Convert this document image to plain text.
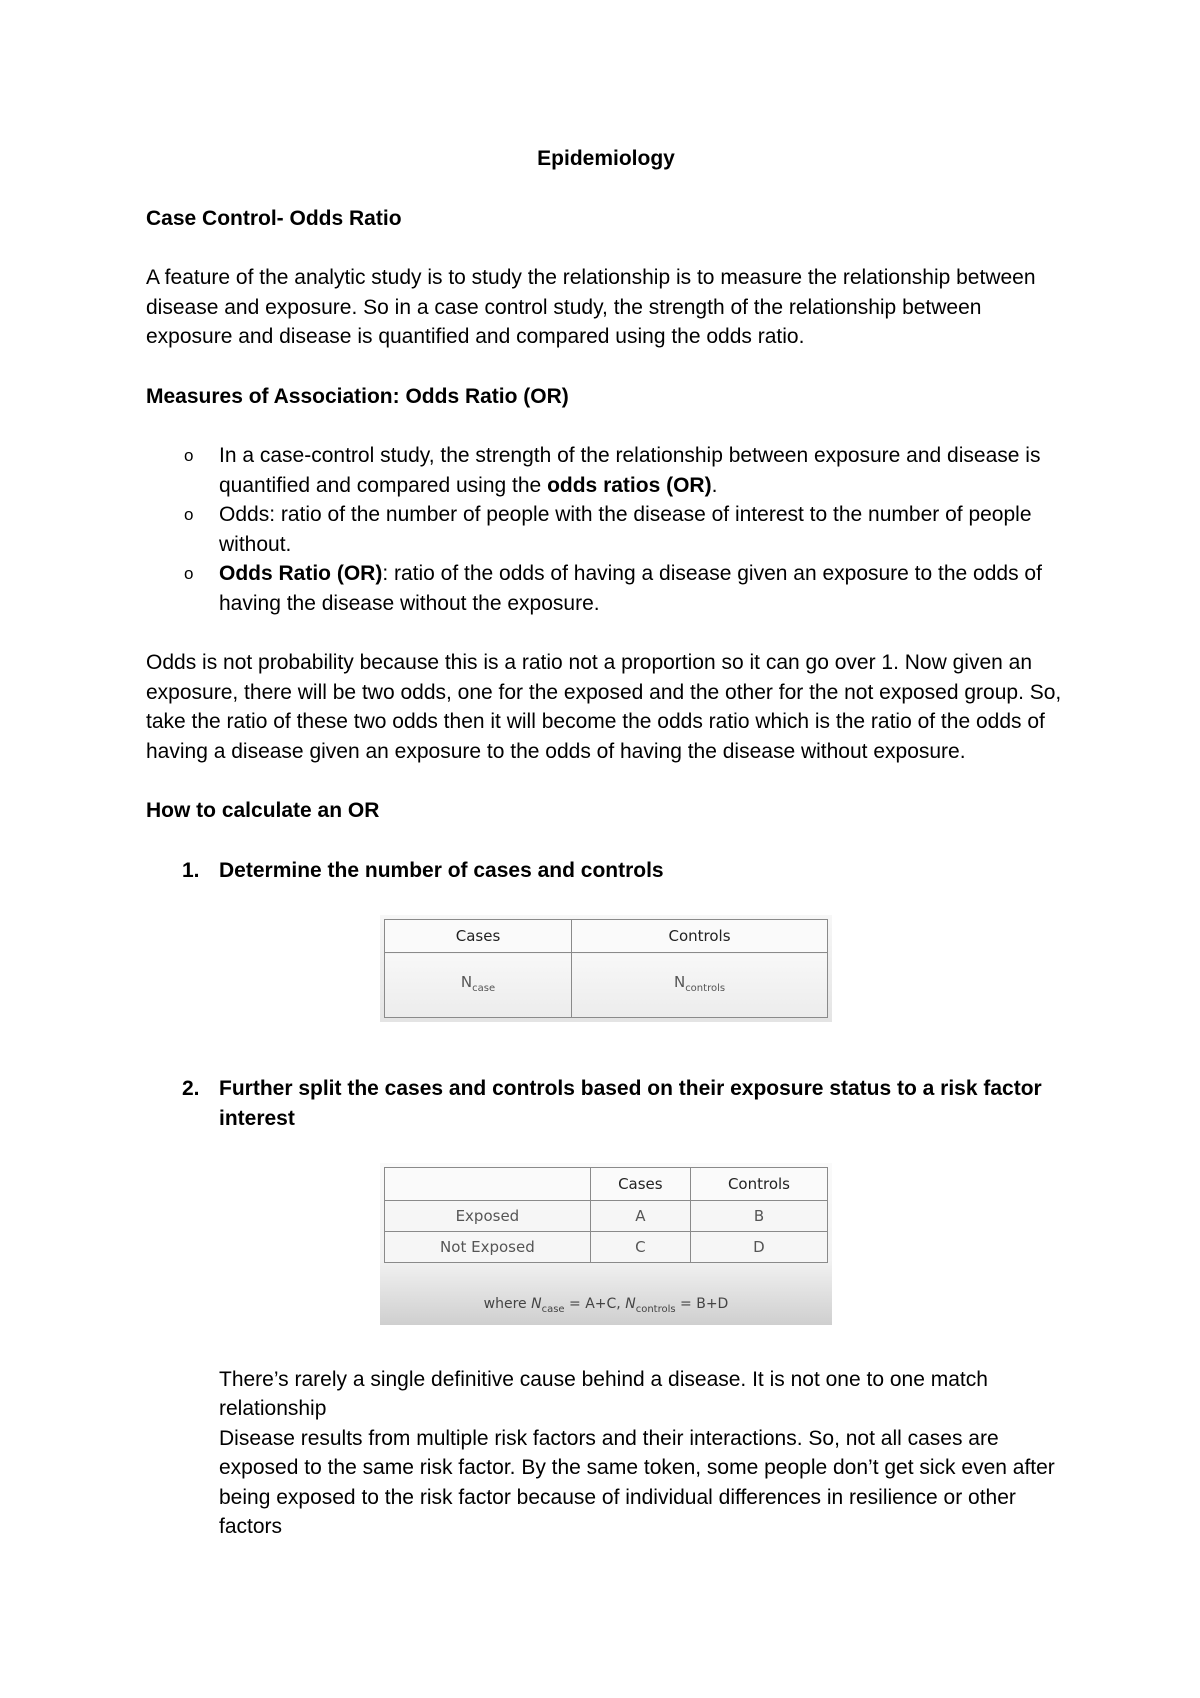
Epidemiology
Case Control- Odds Ratio

A feature of the analytic study is to study the relationship is to measure the relationship between disease and exposure. So in a case control study, the strength of the relationship between exposure and disease is quantified and compared using the odds ratio.

Measures of Association: Odds Ratio (OR)
o In a case-control study, the strength of the relationship between exposure and disease is quantified and compared using the odds ratios (OR).
o Odds: ratio of the number of people with the disease of interest to the number of people without.
o Odds Ratio (OR): ratio of the odds of having a disease given an exposure to the odds of having the disease without the exposure.

Odds is not probability because this is a ratio not a proportion so it can go over 1. Now given an exposure, there will be two odds, one for the exposed and the other for the not exposed group. So, take the ratio of these two odds then it will become the odds ratio which is the ratio of the odds of having a disease given an exposure to the odds of having the disease without exposure.

How to calculate an OR
1. Determine the number of cases and controls
Cases	Controls
$N_{case}$	$N_{controls}$
2. Further split the cases and controls based on their exposure status to a risk factor interest
	Cases	Controls
Exposed	A	B
Not Exposed	C	D
where $N_{case} = A+C$, $N_{controls} = B+D$

There’s rarely a single definitive cause behind a disease. It is not one to one match relationship

Disease results from multiple risk factors and their interactions. So, not all cases are exposed to the same risk factor. By the same token, some people don’t get sick even after being exposed to the risk factor because of individual differences in resilience or other factors
